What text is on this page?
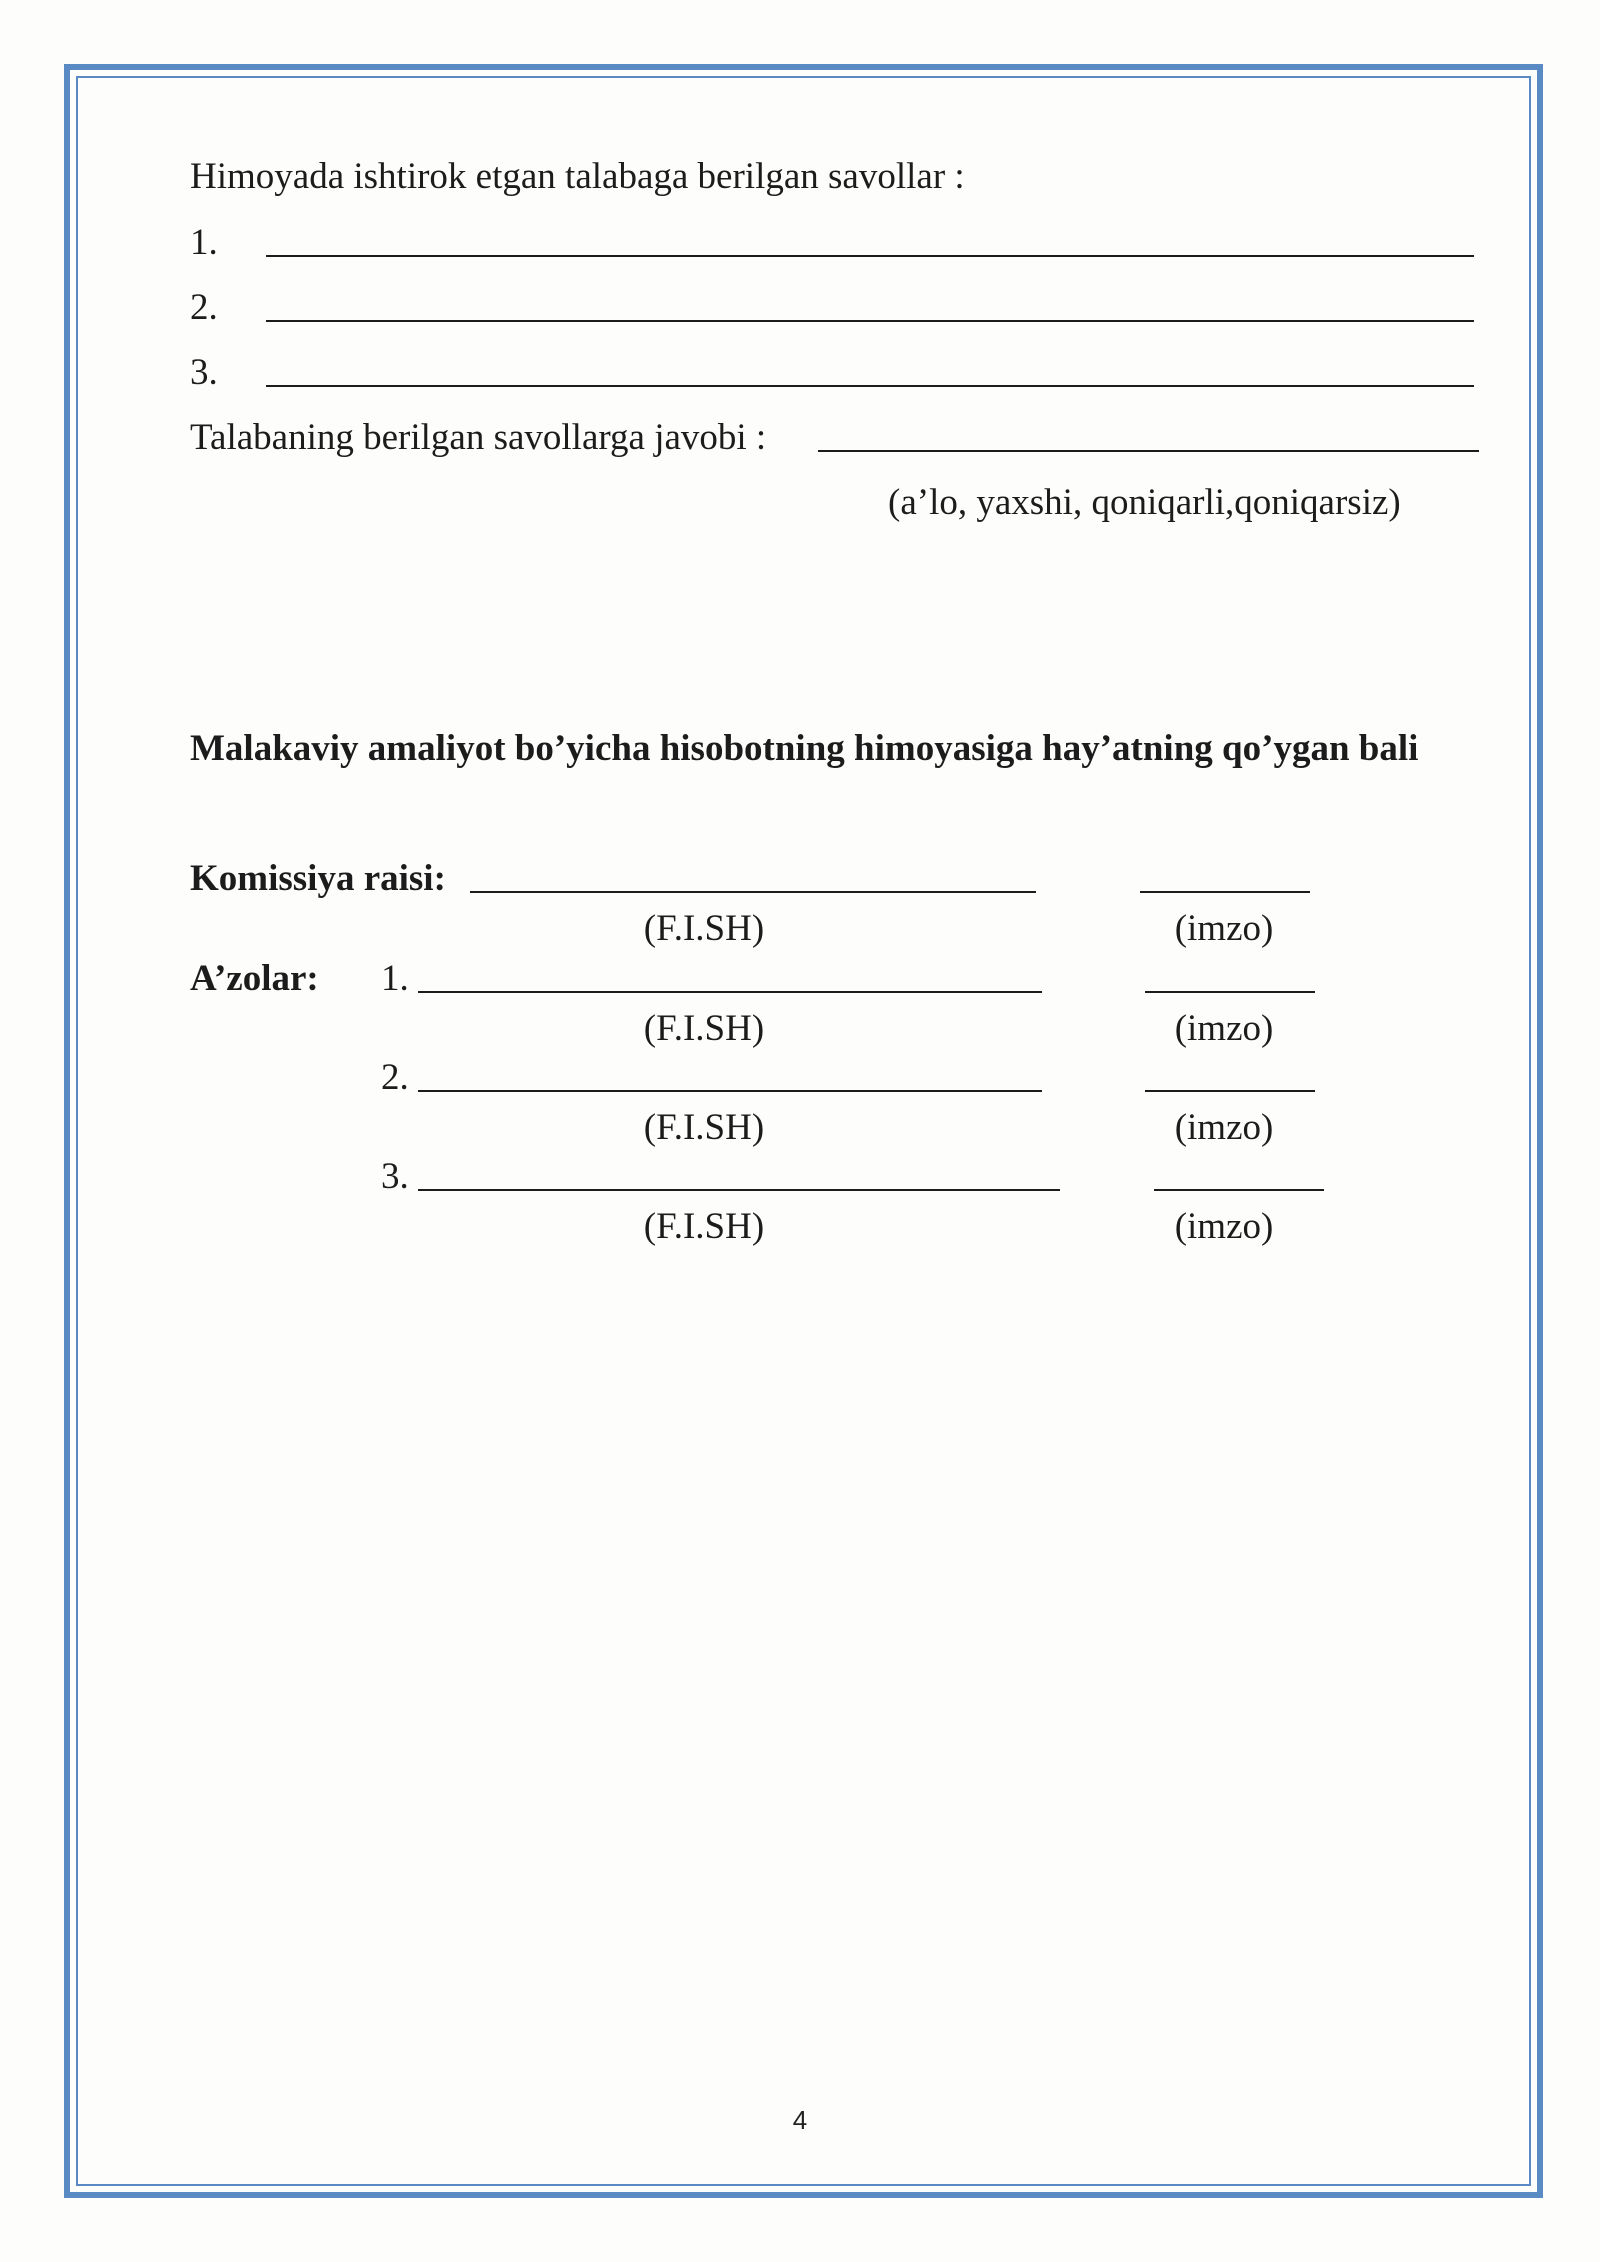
Himoyada ishtirok etgan talabaga berilgan savollar :
1.
2.
3.
Talabaning berilgan savollarga javobi :
(a’lo, yaxshi, qoniqarli,qoniqarsiz)
Malakaviy amaliyot bo’yicha hisobotning himoyasiga hay’atning qo’ygan bali
Komissiya raisi:
(F.I.SH)	(imzo)
A’zolar: 1.
(F.I.SH)	(imzo)
2.
(F.I.SH)	(imzo)
3.
(F.I.SH)	(imzo)
4
